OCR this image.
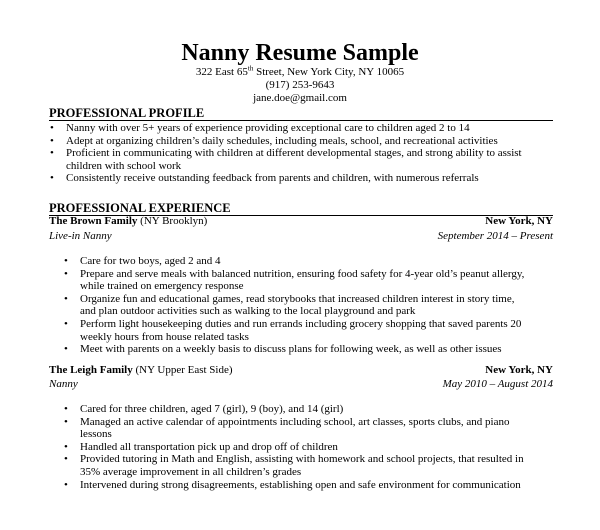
Nanny Resume Sample
322 East 65th Street, New York City, NY 10065
(917) 253-9643
jane.doe@gmail.com
PROFESSIONAL PROFILE
• Nanny with over 5+ years of experience providing exceptional care to children aged 2 to 14
• Adept at organizing children’s daily schedules, including meals, school, and recreational activities
• Proficient in communicating with children at different developmental stages, and strong ability to assist children with school work
• Consistently receive outstanding feedback from parents and children, with numerous referrals
PROFESSIONAL EXPERIENCE
The Brown Family (NY Brooklyn)	New York, NY
Live-in Nanny	September 2014 – Present
• Care for two boys, aged 2 and 4
• Prepare and serve meals with balanced nutrition, ensuring food safety for 4-year old’s peanut allergy, while trained on emergency response
• Organize fun and educational games, read storybooks that increased children interest in story time, and plan outdoor activities such as walking to the local playground and park
• Perform light housekeeping duties and run errands including grocery shopping that saved parents 20 weekly hours from house related tasks
• Meet with parents on a weekly basis to discuss plans for following week, as well as other issues
The Leigh Family (NY Upper East Side)	New York, NY
Nanny	May 2010 – August 2014
• Cared for three children, aged 7 (girl), 9 (boy), and 14 (girl)
• Managed an active calendar of appointments including school, art classes, sports clubs, and piano lessons
• Handled all transportation pick up and drop off of children
• Provided tutoring in Math and English, assisting with homework and school projects, that resulted in 35% average improvement in all children’s grades
• Intervened during strong disagreements, establishing open and safe environment for communication
